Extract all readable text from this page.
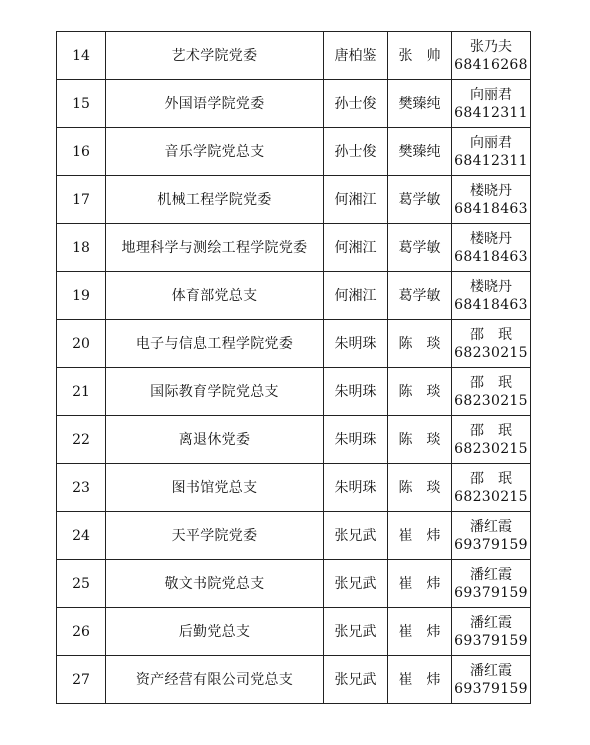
14	艺术学院党委	唐柏鉴	张　帅	张乃夫
68416268

15	外国语学院党委	孙士俊	樊臻纯	向丽君
68412311

16	音乐学院党总支	孙士俊	樊臻纯	向丽君
68412311

17	机械工程学院党委	何湘江	葛学敏	楼晓丹
68418463

18	地理科学与测绘工程学院党委	何湘江	葛学敏	楼晓丹
68418463

19	体育部党总支	何湘江	葛学敏	楼晓丹
68418463

20	电子与信息工程学院党委	朱明珠	陈　琰	邵　珉
68230215

21	国际教育学院党总支	朱明珠	陈　琰	邵　珉
68230215

22	离退休党委	朱明珠	陈　琰	邵　珉
68230215

23	图书馆党总支	朱明珠	陈　琰	邵　珉
68230215

24	天平学院党委	张兄武	崔　炜	潘红霞
69379159

25	敬文书院党总支	张兄武	崔　炜	潘红霞
69379159

26	后勤党总支	张兄武	崔　炜	潘红霞
69379159

27	资产经营有限公司党总支	张兄武	崔　炜	潘红霞
69379159
